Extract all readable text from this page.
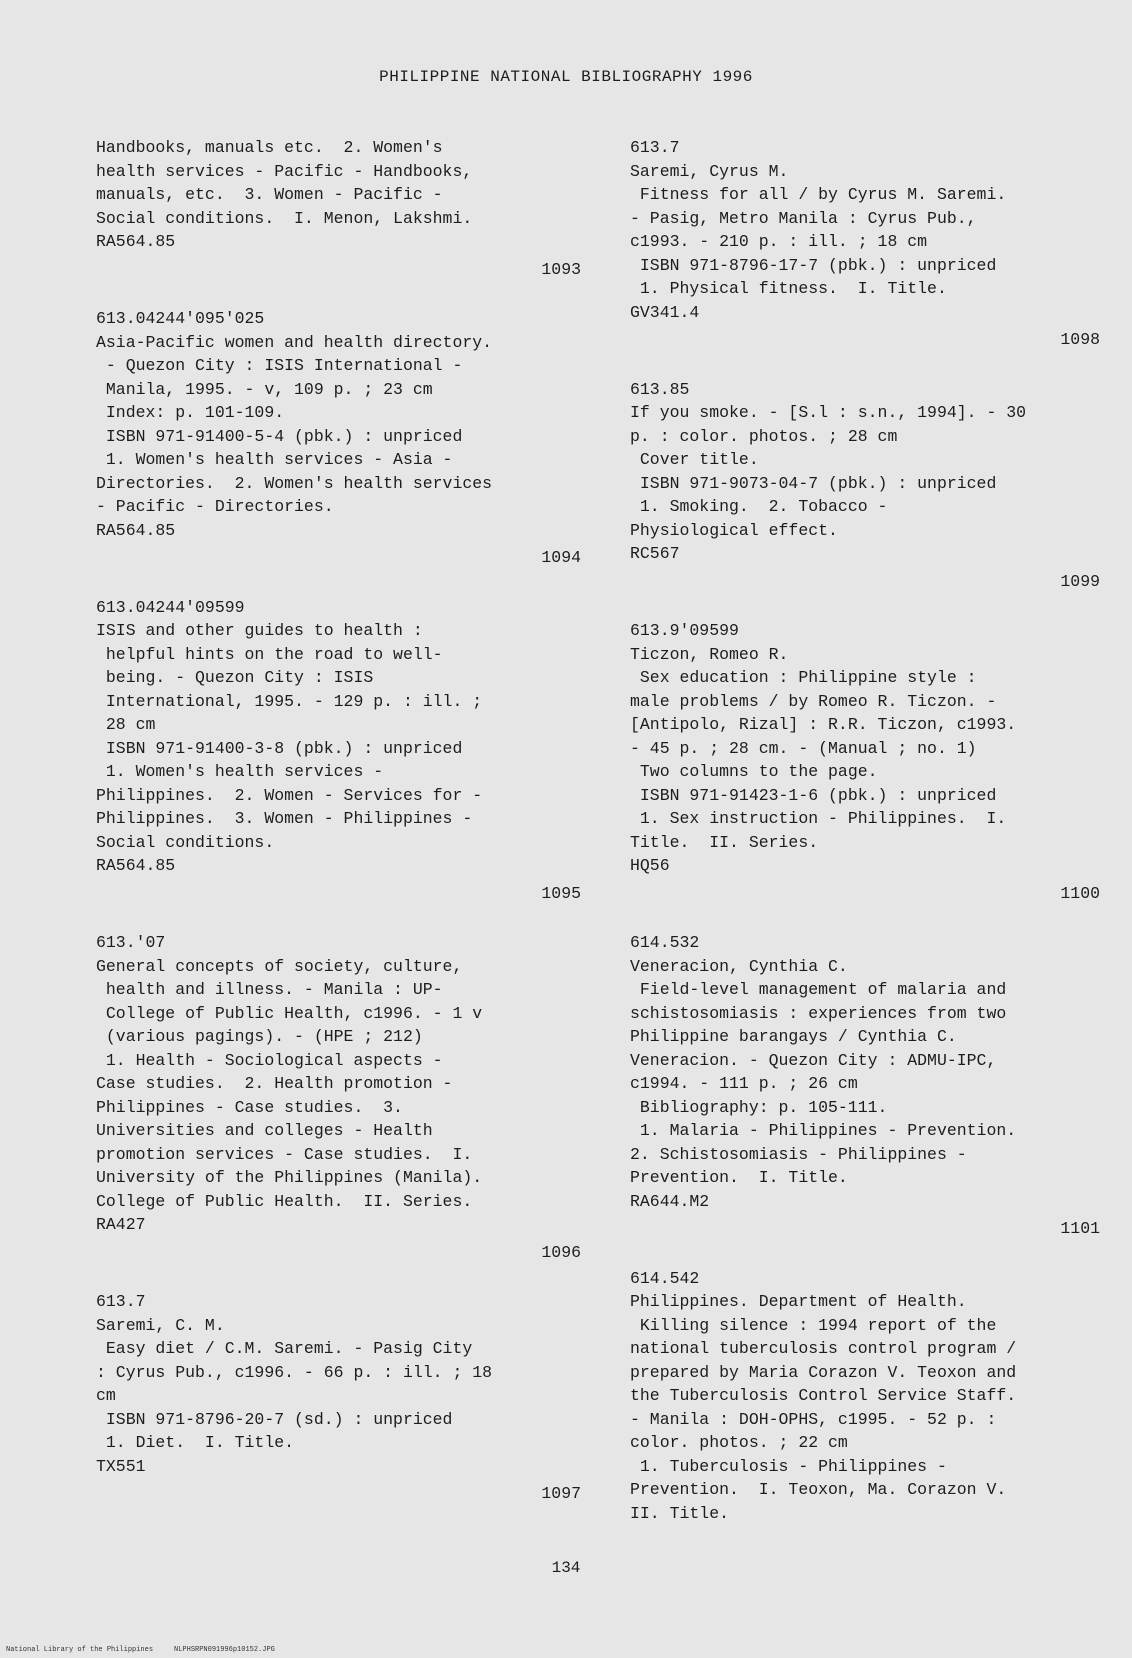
PHILIPPINE NATIONAL BIBLIOGRAPHY 1996
Handbooks, manuals etc.  2. Women's
health services - Pacific - Handbooks,
manuals, etc.  3. Women - Pacific -
Social conditions.  I. Menon, Lakshmi.
RA564.85
1093
613.04244'095'025
Asia-Pacific women and health directory.
- Quezon City : ISIS International -
Manila, 1995. - v, 109 p. ; 23 cm
Index: p. 101-109.
ISBN 971-91400-5-4 (pbk.) : unpriced
1. Women's health services - Asia -
Directories.  2. Women's health services
- Pacific - Directories.
RA564.85
1094
613.04244'09599
ISIS and other guides to health :
helpful hints on the road to well-
being. - Quezon City : ISIS
International, 1995. - 129 p. : ill. ;
28 cm
ISBN 971-91400-3-8 (pbk.) : unpriced
1. Women's health services -
Philippines.  2. Women - Services for -
Philippines.  3. Women - Philippines -
Social conditions.
RA564.85
1095
613.'07
General concepts of society, culture,
health and illness. - Manila : UP-
College of Public Health, c1996. - 1 v
(various pagings). - (HPE ; 212)
1. Health - Sociological aspects -
Case studies.  2. Health promotion -
Philippines - Case studies.  3.
Universities and colleges - Health
promotion services - Case studies.  I.
University of the Philippines (Manila).
College of Public Health.  II. Series.
RA427
1096
613.7
Saremi, C. M.
Easy diet / C.M. Saremi. - Pasig City
: Cyrus Pub., c1996. - 66 p. : ill. ; 18
cm
ISBN 971-8796-20-7 (sd.) : unpriced
1. Diet.  I. Title.
TX551
1097
613.7
Saremi, Cyrus M.
Fitness for all / by Cyrus M. Saremi.
- Pasig, Metro Manila : Cyrus Pub.,
c1993. - 210 p. : ill. ; 18 cm
ISBN 971-8796-17-7 (pbk.) : unpriced
1. Physical fitness.  I. Title.
GV341.4
1098
613.85
If you smoke. - [S.l : s.n., 1994]. - 30
p. : color. photos. ; 28 cm
Cover title.
ISBN 971-9073-04-7 (pbk.) : unpriced
1. Smoking.  2. Tobacco -
Physiological effect.
RC567
1099
613.9'09599
Ticzon, Romeo R.
Sex education : Philippine style :
male problems / by Romeo R. Ticzon. -
[Antipolo, Rizal] : R.R. Ticzon, c1993.
- 45 p. ; 28 cm. - (Manual ; no. 1)
Two columns to the page.
ISBN 971-91423-1-6 (pbk.) : unpriced
1. Sex instruction - Philippines.  I.
Title.  II. Series.
HQ56
1100
614.532
Veneracion, Cynthia C.
Field-level management of malaria and
schistosomiasis : experiences from two
Philippine barangays / Cynthia C.
Veneracion. - Quezon City : ADMU-IPC,
c1994. - 111 p. ; 26 cm
Bibliography: p. 105-111.
1. Malaria - Philippines - Prevention.
2. Schistosomiasis - Philippines -
Prevention.  I. Title.
RA644.M2
1101
614.542
Philippines. Department of Health.
Killing silence : 1994 report of the
national tuberculosis control program /
prepared by Maria Corazon V. Teoxon and
the Tuberculosis Control Service Staff.
- Manila : DOH-OPHS, c1995. - 52 p. :
color. photos. ; 22 cm
1. Tuberculosis - Philippines -
Prevention.  I. Teoxon, Ma. Corazon V.
II. Title.
134
National Library of the Philippines     NLPHSRPN091996p10152.JPG
